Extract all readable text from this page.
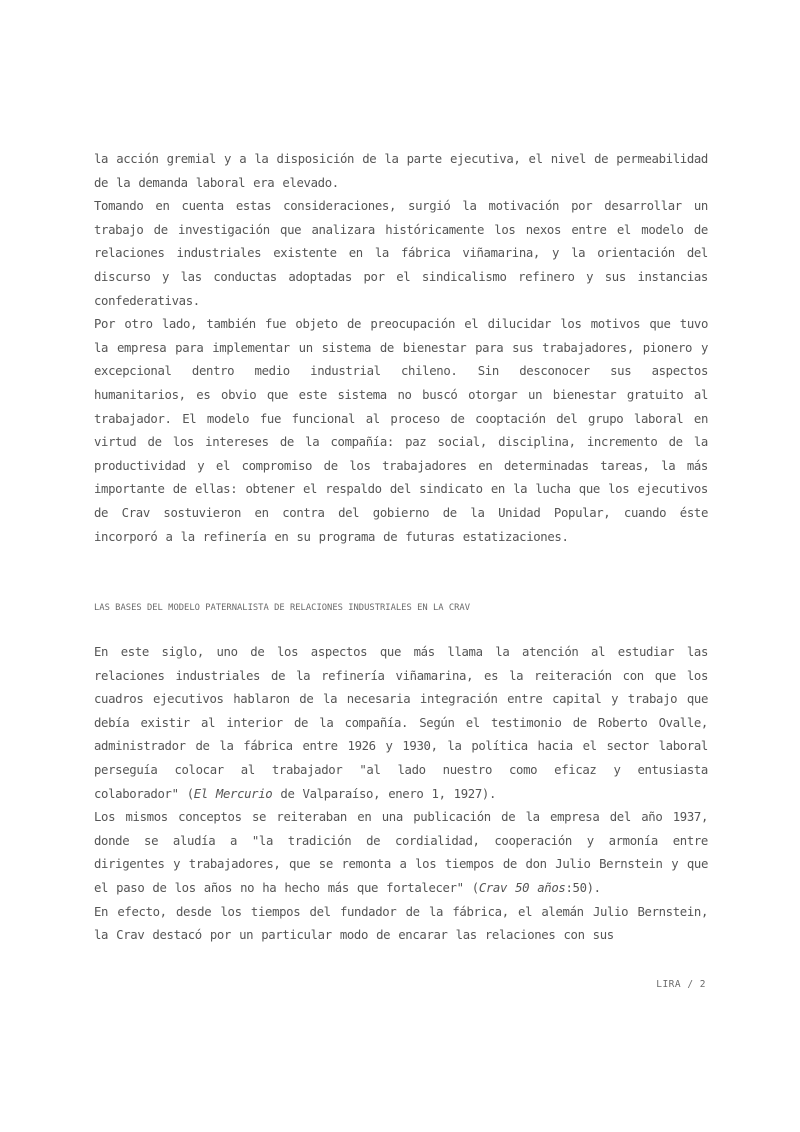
la acción gremial y a la disposición de la parte ejecutiva, el nivel de permeabilidad de la demanda laboral era elevado.

Tomando en cuenta estas consideraciones, surgió la motivación por desarrollar un trabajo de investigación que analizara históricamente los nexos entre el modelo de relaciones industriales existente en la fábrica viñamarina, y la orientación del discurso y las conductas adoptadas por el sindicalismo refinero y sus instancias confederativas.

Por otro lado, también fue objeto de preocupación el dilucidar los motivos que tuvo la empresa para implementar un sistema de bienestar para sus trabajadores, pionero y excepcional dentro medio industrial chileno. Sin desconocer sus aspectos humanitarios, es obvio que este sistema no buscó otorgar un bienestar gratuito al trabajador. El modelo fue funcional al proceso de cooptación del grupo laboral en virtud de los intereses de la compañía: paz social, disciplina, incremento de la productividad y el compromiso de los trabajadores en determinadas tareas, la más importante de ellas: obtener el respaldo del sindicato en la lucha que los ejecutivos de Crav sostuvieron en contra del gobierno de la Unidad Popular, cuando éste incorporó a la refinería en su programa de futuras estatizaciones.

LAS BASES DEL MODELO PATERNALISTA DE RELACIONES INDUSTRIALES EN LA CRAV

En este siglo, uno de los aspectos que más llama la atención al estudiar las relaciones industriales de la refinería viñamarina, es la reiteración con que los cuadros ejecutivos hablaron de la necesaria integración entre capital y trabajo que debía existir al interior de la compañía. Según el testimonio de Roberto Ovalle, administrador de la fábrica entre 1926 y 1930, la política hacia el sector laboral perseguía colocar al trabajador "al lado nuestro como eficaz y entusiasta colaborador" (El Mercurio de Valparaíso, enero 1, 1927).

Los mismos conceptos se reiteraban en una publicación de la empresa del año 1937, donde se aludía a "la tradición de cordialidad, cooperación y armonía entre dirigentes y trabajadores, que se remonta a los tiempos de don Julio Bernstein y que el paso de los años no ha hecho más que fortalecer" (Crav 50 años:50).

En efecto, desde los tiempos del fundador de la fábrica, el alemán Julio Bernstein, la Crav destacó por un particular modo de encarar las relaciones con sus

LIRA / 2
